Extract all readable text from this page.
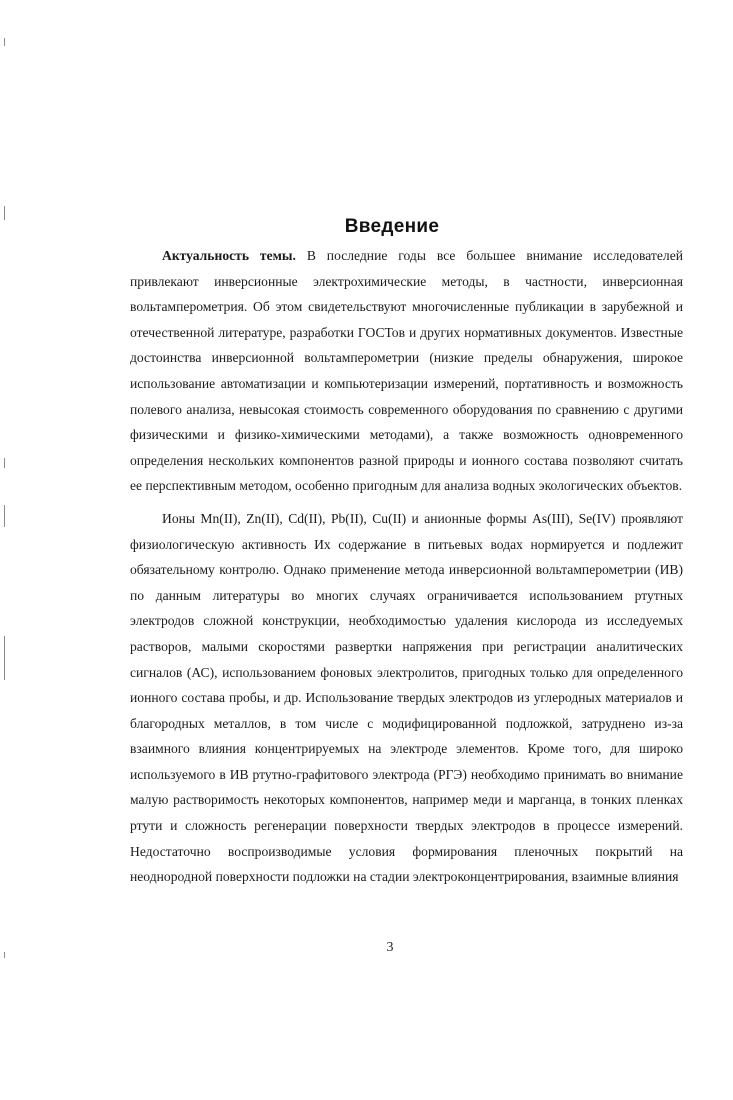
Введение

Актуальность темы. В последние годы все большее внимание исследователей привлекают инверсионные электрохимические методы, в частности, инверсионная вольтамперометрия. Об этом свидетельствуют многочисленные публикации в зарубежной и отечественной литературе, разработки ГОСТов и других нормативных документов. Известные достоинства инверсионной вольтамперометрии (низкие пределы обнаружения, широкое использование автоматизации и компьютеризации измерений, портативность и возможность полевого анализа, невысокая стоимость современного оборудования по сравнению с другими физическими и физико-химическими методами), а также возможность одновременного определения нескольких компонентов разной природы и ионного состава позволяют считать ее перспективным методом, особенно пригодным для анализа водных экологических объектов.

Ионы Mn(II), Zn(II), Cd(II), Pb(II), Cu(II) и анионные формы As(III), Se(IV) проявляют физиологическую активность Их содержание в питьевых водах нормируется и подлежит обязательному контролю. Однако применение метода инверсионной вольтамперометрии (ИВ) по данным литературы во многих случаях ограничивается использованием ртутных электродов сложной конструкции, необходимостью удаления кислорода из исследуемых растворов, малыми скоростями развертки напряжения при регистрации аналитических сигналов (АС), использованием фоновых электролитов, пригодных только для определенного ионного состава пробы, и др. Использование твердых электродов из углеродных материалов и благородных металлов, в том числе с модифицированной подложкой, затруднено из-за взаимного влияния концентрируемых на электроде элементов. Кроме того, для широко используемого в ИВ ртутно-графитового электрода (РГЭ) необходимо принимать во внимание малую растворимость некоторых компонентов, например меди и марганца, в тонких пленках ртути и сложность регенерации поверхности твердых электродов в процессе измерений. Недостаточно воспроизводимые условия формирования пленочных покрытий на неоднородной поверхности подложки на стадии электроконцентрирования, взаимные влияния

3
